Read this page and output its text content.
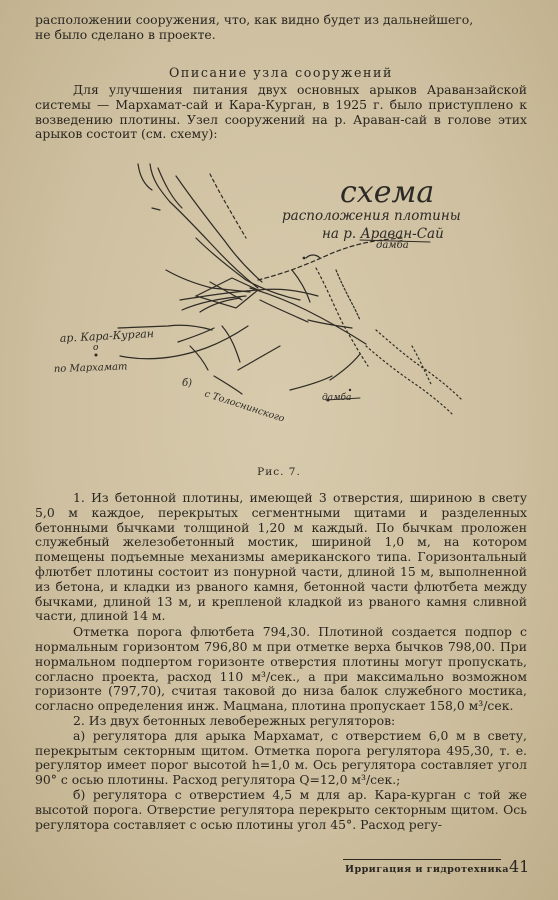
расположении сооружения, что, как видно будет из дальнейшего,

не было сделано в проекте.

Описание узла сооружений

Для улучшения питания двух основных арыков Араванзайской системы — Мархамат-сай и Кара-Курган, в 1925 г. было приступлено к возведению плотины. Узел сооружений на р. Араван-сай в голове этих арыков состоит (см. схему):

схема
расположения плотины
на р. Араван-Сай
дамба
ар. Кара-Курган
о
по Мархамат
б)
дамба
с Толоснинского
Рис. 7.

1. Из бетонной плотины, имеющей 3 отверстия, шириною в свету 5,0 м каждое, перекрытых сегментными щитами и разделенных бетонными бычками толщиной 1,20 м каждый. По бычкам проложен служебный железобетонный мостик, шириной 1,0 м, на котором помещены подъемные механизмы американского типа. Горизонтальный флютбет плотины состоит из понурной части, длиной 15 м, выполненной из бетона, и кладки из рваного камня, бетонной части флютбета между бычками, длиной 13 м, и крепленой кладкой из рваного камня сливной части, длиной 14 м.

Отметка порога флютбета 794,30. Плотиной создается подпор с нормальным горизонтом 796,80 м при отметке верха бычков 798,00. При нормальном подпертом горизонте отверстия плотины могут пропускать, согласно проекта, расход 110 м³/сек., а при максимально возможном горизонте (797,70), считая таковой до низа балок служебного мостика, согласно определения инж. Мацмана, плотина пропускает 158,0 м³/сек.

2. Из двух бетонных левобережных регуляторов:

а) регулятора для арыка Мархамат, с отверстием 6,0 м в свету, перекрытым секторным щитом. Отметка порога регулятора 495,30, т. е. регулятор имеет порог высотой h=1,0 м. Ось регулятора составляет угол 90° с осью плотины. Расход регулятора Q=12,0 м³/сек.;

б) регулятора с отверстием 4,5 м для ар. Кара-курган с той же высотой порога. Отверстие регулятора перекрыто секторным щитом. Ось регулятора составляет с осью плотины угол 45°. Расход регу-

Ирригация и гидротехника 41
